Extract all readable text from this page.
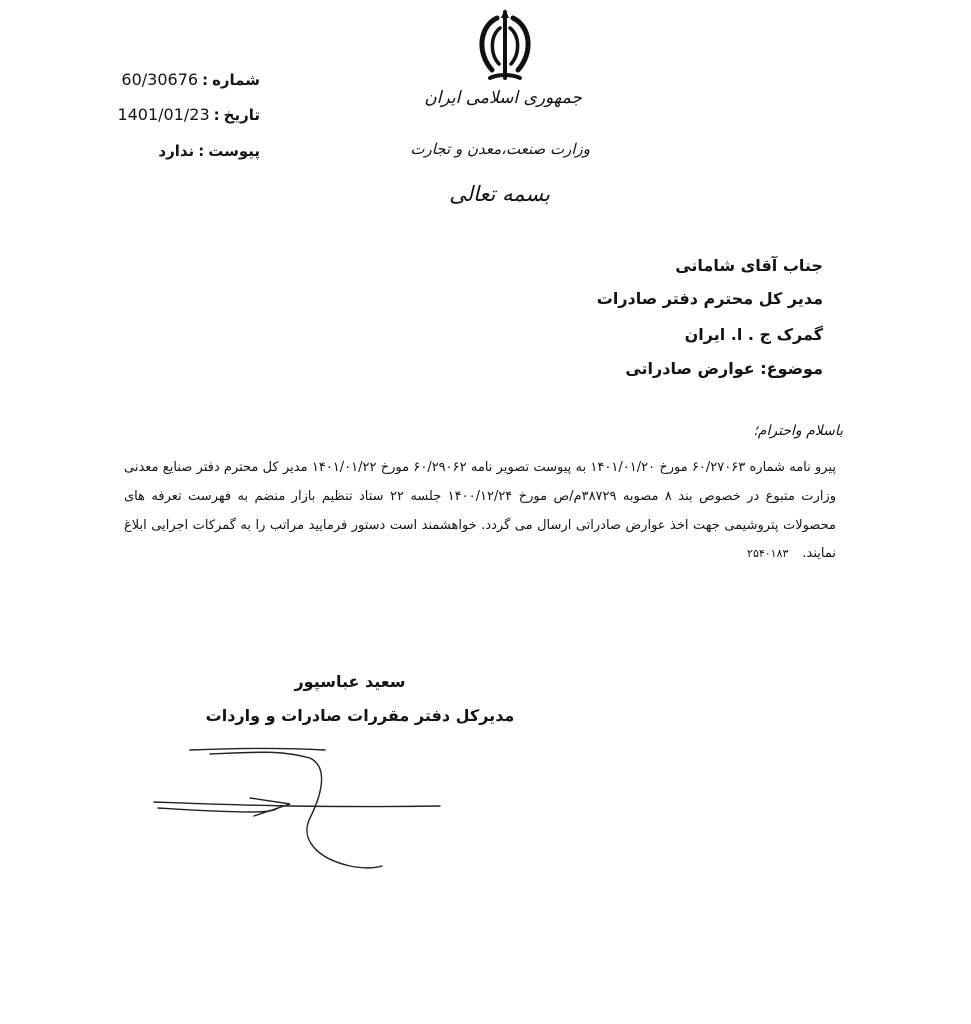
جمهوری اسلامی ایران
وزارت صنعت،معدن و تجارت
بسمه تعالی
شماره:60/30676
تاریخ:1401/01/23
پیوست:ندارد
جناب آقای شامانی
مدیر کل محترم دفتر صادرات
گمرک ج . ا. ایران
موضوع: عوارض صادراتی
باسلام واحترام؛

پیرو نامه شماره ۶۰/۲۷۰۶۳ مورخ ۱۴۰۱/۰۱/۲۰ به پیوست تصویر نامه ۶۰/۲۹۰۶۲ مورخ ۱۴۰۱/۰۱/۲۲ مدیر کل محترم دفتر صنایع معدنی وزارت متبوع در خصوص بند ۸ مصوبه ۳۸۷۲۹م/ص مورخ ۱۴۰۰/۱۲/۲۴ جلسه ۲۲ ستاد تنظیم بازار منضم به فهرست تعرفه های محصولات پتروشیمی جهت اخذ عوارض صادراتی ارسال می گردد. خواهشمند است دستور فرمایید مراتب را به گمرکات اجرایی ابلاغ نمایند.۲۵۴۰۱۸۳

سعید عباسپور
مدیرکل دفتر مقررات صادرات و واردات
